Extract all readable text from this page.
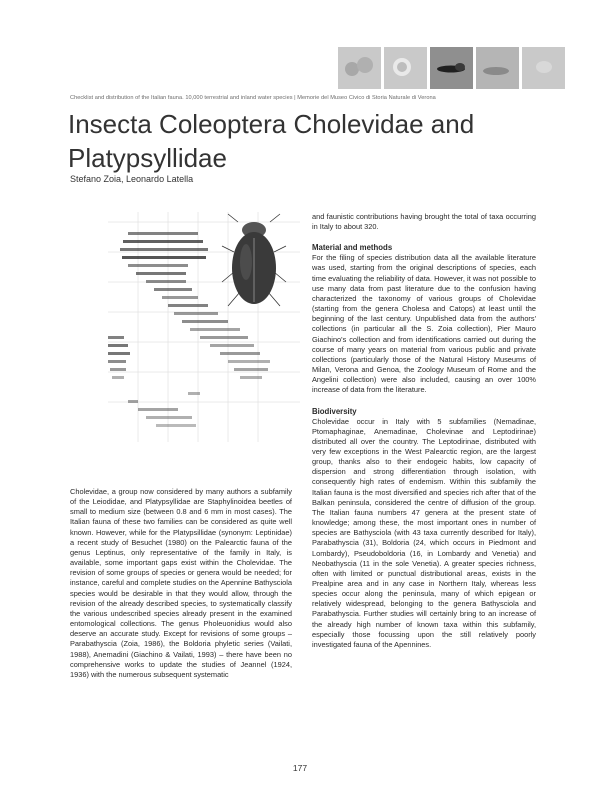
Checklist and distribution of the Italian fauna. 10,000 terrestrial and inland water species | Memorie del Museo Civico di Storia Naturale di Verona
Insecta Coleoptera Cholevidae and Platypsyllidae
Stefano Zoia, Leonardo Latella

Cholevidae, a group now considered by many authors a subfamily of the Leiodidae, and Platypsyllidae are Staphylinoidea beetles of small to medium size (between 0.8 and 6 mm in most cases). The Italian fauna of these two families can be considered as quite well known. However, while for the Platypsillidae (synonym: Leptinidae) a recent study of Besuchet (1980) on the Palearctic fauna of the genus Leptinus, only representative of the family in Italy, is available, some important gaps exist within the Cholevidae. The revision of some groups of species or genera would be needed; for instance, careful and complete studies on the Apennine Bathysciola species would be desirable in that they would allow, through the revision of the already described species, to systematically classify the various undescribed species already present in the examined entomological collections. The genus Pholeuonidius would also deserve an accurate study. Except for revisions of some groups – Parabathyscia (Zoia, 1986), the Boldoria phyletic series (Vailati, 1988), Anemadini (Giachino & Vailati, 1993) – there have been no comprehensive works to update the studies of Jeannel (1924, 1936) with the numerous subsequent systematic

and faunistic contributions having brought the total of taxa occurring in Italy to about 320.

Material and methods

For the filing of species distribution data all the available literature was used, starting from the original descriptions of species, each time evaluating the reliability of data. However, it was not possible to use many data from past literature due to the confusion having characterized the taxonomy of various groups of Cholevidae (starting from the genera Cholesa and Catops) at least until the beginning of the last century. Unpublished data from the authors' collections (in particular all the S. Zoia collection), Pier Mauro Giachino's collection and from identifications carried out during the course of many years on material from various public and private collections (particularly those of the Natural History Museums of Milan, Verona and Genoa, the Zoology Museum of Rome and the Angelini collection) were also included, causing an over 100% increase of data from the literature.

Biodiversity

Cholevidae occur in Italy with 5 subfamilies (Nemadinae, Ptomaphaginae, Anemadinae, Cholevinae and Leptodirinae) distributed all over the country. The Leptodirinae, distributed with very few exceptions in the West Palearctic region, are the largest group, thanks also to their endogeic habits, low capacity of dispersion and strong differentiation through isolation, with consequently high rates of endemism. Within this subfamily the Italian fauna is the most diversified and species rich after that of the Balkan peninsula, considered the centre of diffusion of the group. The Italian fauna numbers 47 genera at the present state of knowledge; among these, the most important ones in number of species are Bathysciola (with 43 taxa currently described for Italy), Parabathyscia (31), Boldoria (24, which occurs in Piedmont and Lombardy), Pseudoboldoria (16, in Lombardy and Venetia) and Neobathyscia (11 in the sole Venetia). A greater species richness, often with limited or punctual distributional areas, exists in the Prealpine area and in any case in Northern Italy, whereas less species occur along the peninsula, many of which epigean or relatively widespread, belonging to the genera Bathysciola and Parabathyscia. Further studies will certainly bring to an increase of the already high number of known taxa within this subfamily, especially those focussing upon the still relatively poorly investigated fauna of the Apennines.

177
